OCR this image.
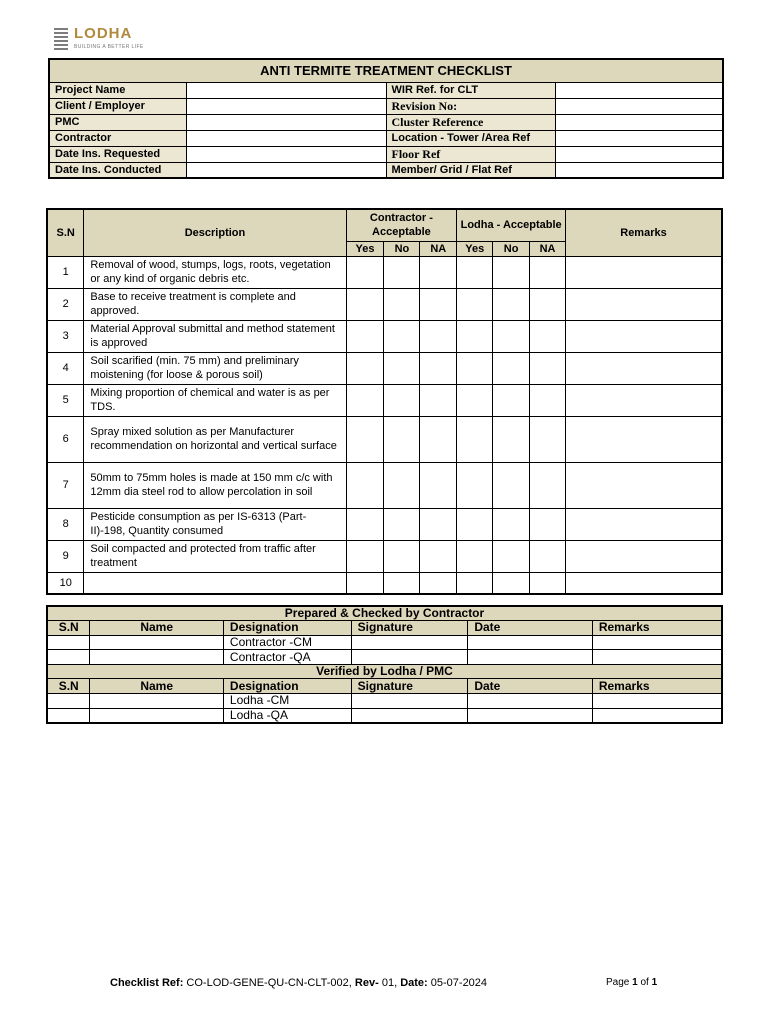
LODHA
BUILDING A BETTER LIFE
ANTI TERMITE TREATMENT CHECKLIST			
Project Name		WIR Ref. for CLT	
Client / Employer		Revision No:	
PMC		Cluster Reference	
Contractor		Location - Tower /Area Ref	
Date Ins. Requested		Floor Ref	
Date Ins. Conducted		Member/ Grid / Flat Ref	
S.N	Description	Contractor - Acceptable			Lodha - Acceptable			Remarks
		Yes	No	NA	Yes	No	NA	
1	Removal of wood, stumps, logs, roots, vegetation or any kind of organic debris etc.							
2	Base to receive treatment is complete and approved.							
3	Material Approval submittal and method statement is approved							
4	Soil scarified (min. 75 mm) and preliminary moistening (for loose & porous soil)							
5	Mixing proportion of chemical and water is as per TDS.							
6	Spray mixed solution as per Manufacturer recommendation on horizontal and vertical surface							
7	50mm to 75mm holes is made at 150 mm c/c with 12mm dia steel rod to allow percolation in soil							
8	Pesticide consumption as per IS-6313 (Part-II)-198, Quantity consumed							
9	Soil compacted and protected from traffic after treatment							
10								
Prepared & Checked by Contractor					
S.N	Name	Designation	Signature	Date	Remarks
		Contractor -CM			
		Contractor -QA			
Verified by Lodha / PMC					
S.N	Name	Designation	Signature	Date	Remarks
		Lodha -CM			
		Lodha -QA			
Checklist Ref: CO-LOD-GENE-QU-CN-CLT-002, Rev- 01, Date: 05-07-2024	Page 1 of 1
